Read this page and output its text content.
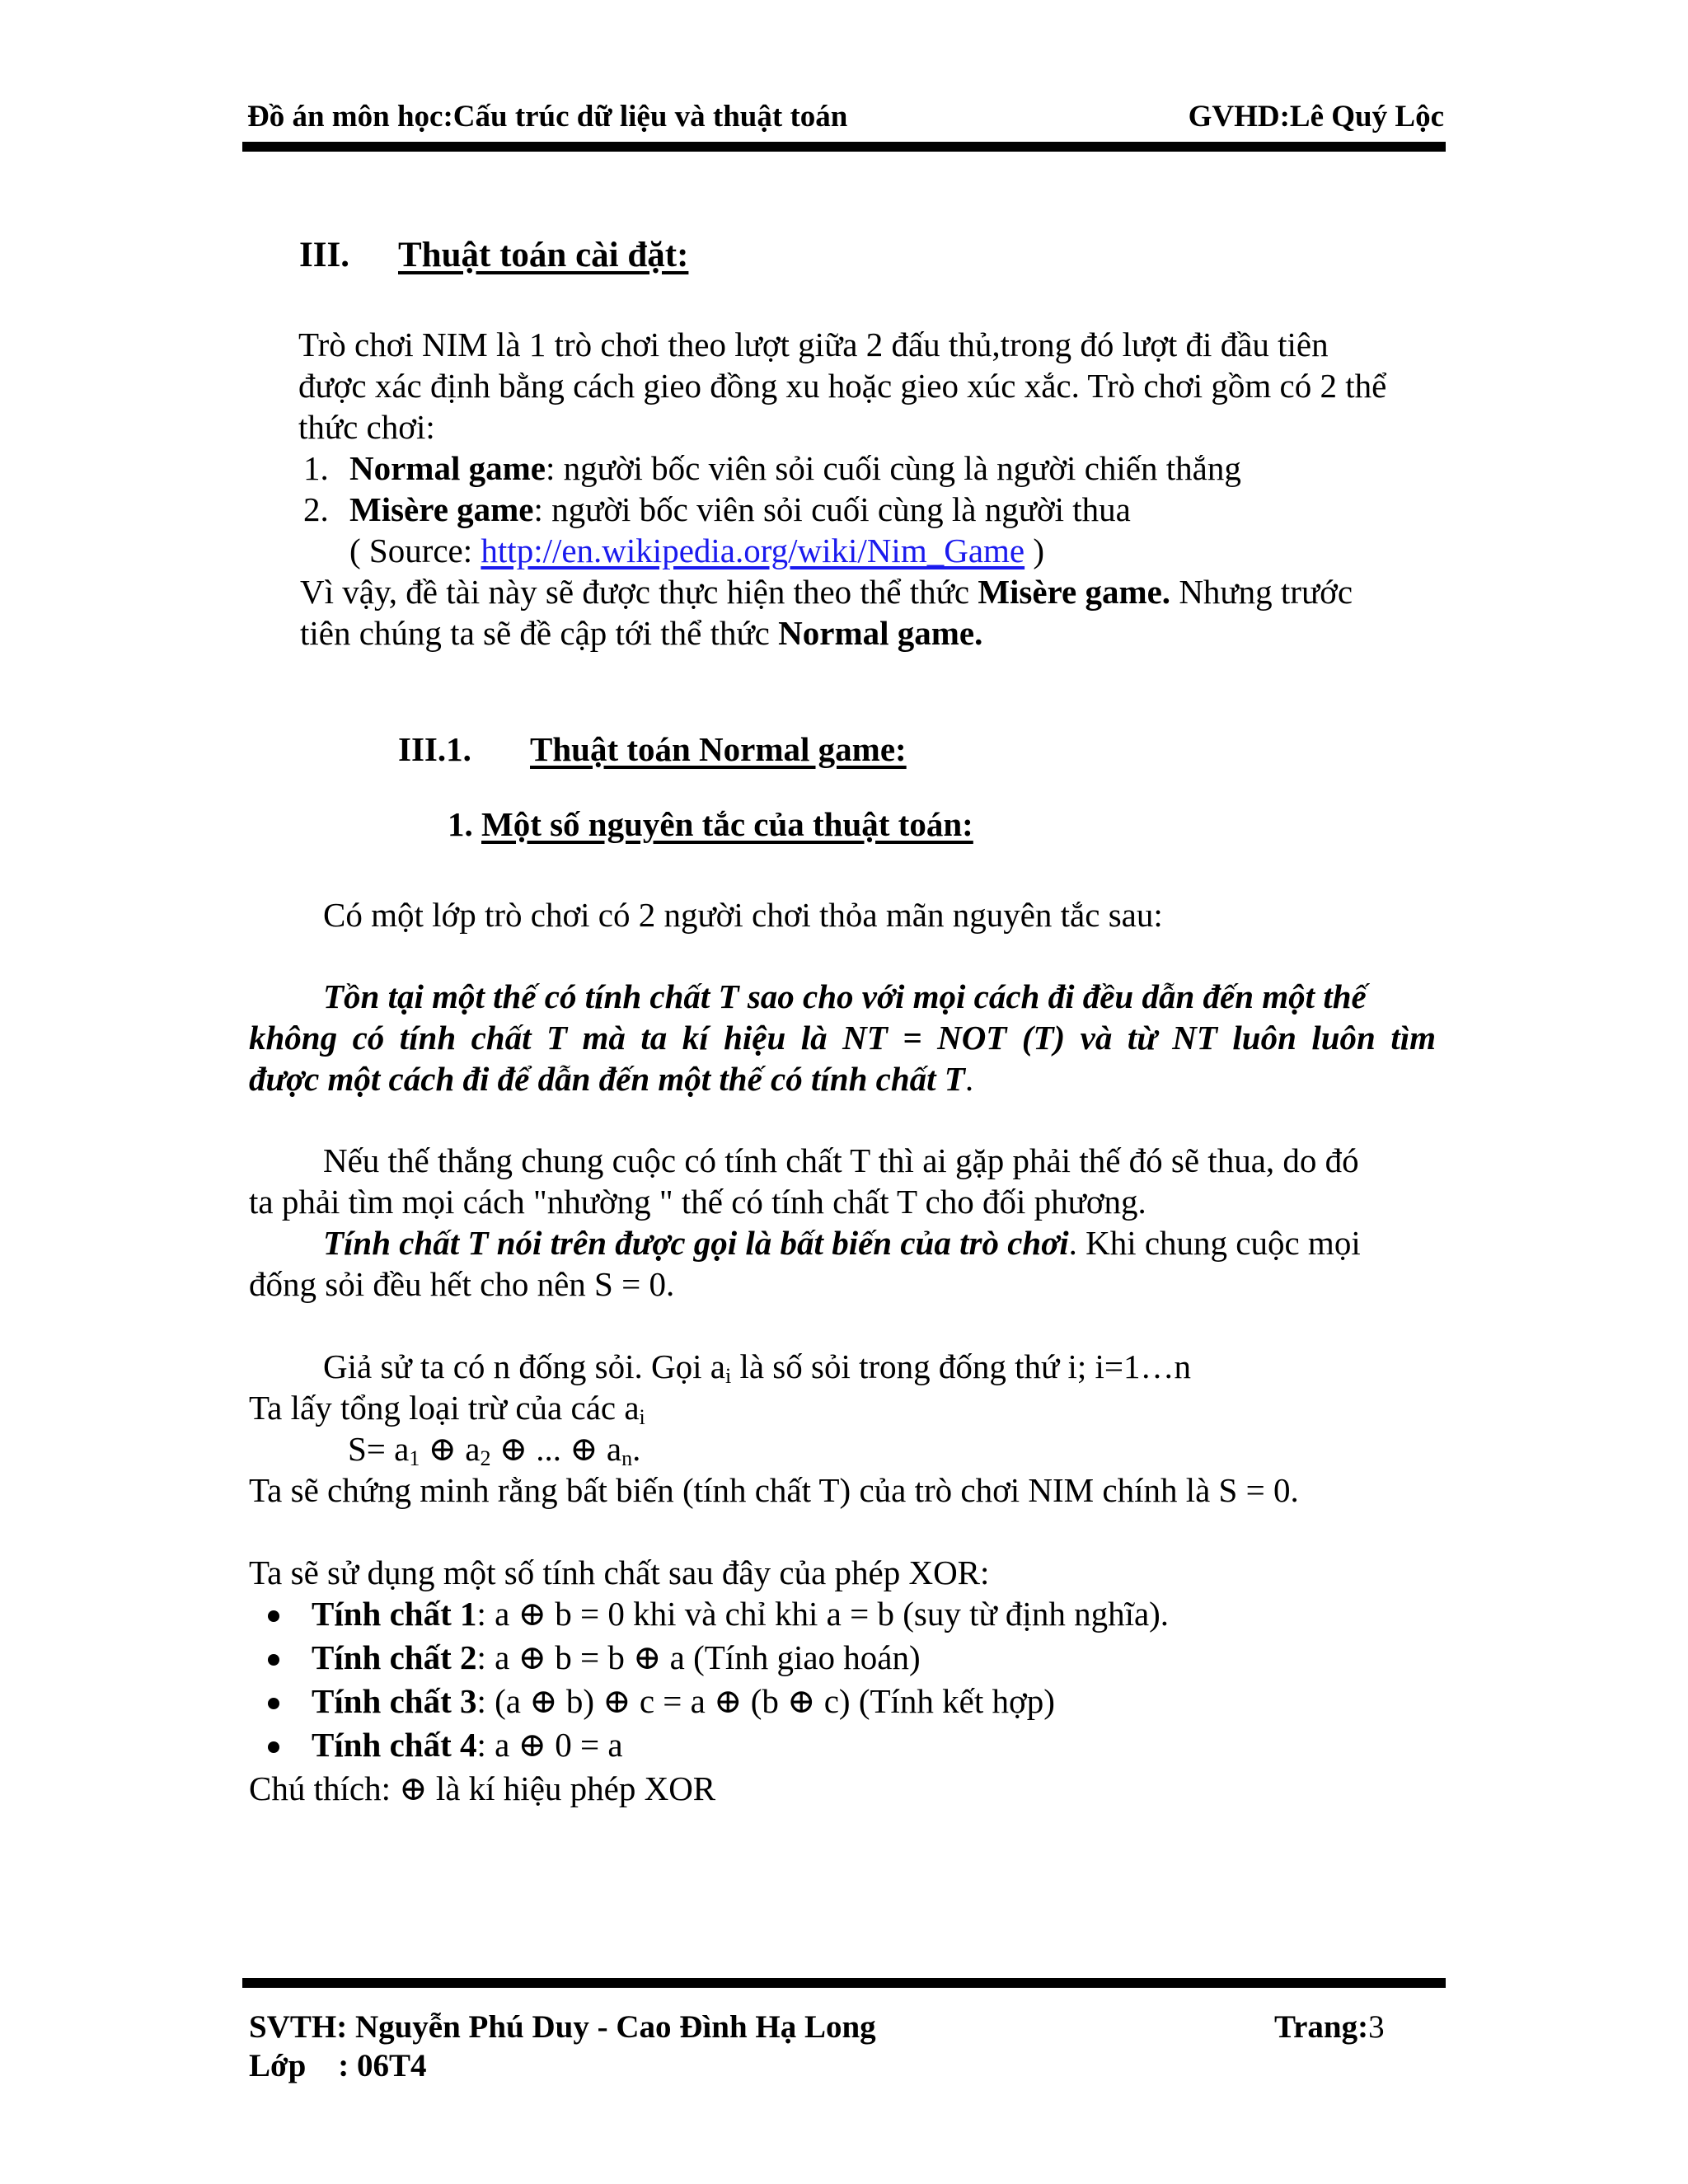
Đồ án môn học:Cấu trúc dữ liệu và thuật toán	GVHD:Lê Quý Lộc
III. Thuật toán cài đặt:
Trò chơi NIM là 1 trò chơi theo lượt giữa 2 đấu thủ,trong đó lượt đi đầu tiên
được xác định bằng cách gieo đồng xu hoặc gieo xúc xắc. Trò chơi gồm có 2 thể
thức chơi:
1. Normal game: người bốc viên sỏi cuối cùng là người chiến thắng
2. Misère game: người bốc viên sỏi cuối cùng là người thua
( Source: http://en.wikipedia.org/wiki/Nim_Game )
Vì vậy, đề tài này sẽ được thực hiện theo thể thức Misère game. Nhưng trước
tiên chúng ta sẽ đề cập tới thể thức Normal game.
III.1. Thuật toán Normal game:
1. Một số nguyên tắc của thuật toán:
Có một lớp trò chơi có 2 người chơi thỏa mãn nguyên tắc sau:
Tồn tại một thế có tính chất T sao cho với mọi cách đi đều dẫn đến một thế
không có tính chất T mà ta kí hiệu là NT = NOT (T) và từ NT luôn luôn tìm
được một cách đi để dẫn đến một thế có tính chất T.
Nếu thế thắng chung cuộc có tính chất T thì ai gặp phải thế đó sẽ thua, do đó
ta phải tìm mọi cách "nhường " thế có tính chất T cho đối phương.
Tính chất T nói trên được gọi là bất biến của trò chơi. Khi chung cuộc mọi
đống sỏi đều hết cho nên S = 0.
Giả sử ta có n đống sỏi. Gọi $a_i$ là số sỏi trong đống thứ i; i=1…n
Ta lấy tổng loại trừ của các $a_i$
$S= a_1$ ⊕ $a_2$ ⊕ ... ⊕ $a_n$.
Ta sẽ chứng minh rằng bất biến (tính chất T) của trò chơi NIM chính là S = 0.
Ta sẽ sử dụng một số tính chất sau đây của phép XOR:
Tính chất 1: a ⊕ b = 0 khi và chỉ khi a = b (suy từ định nghĩa).
Tính chất 2: a ⊕ b = b ⊕ a (Tính giao hoán)
Tính chất 3: (a ⊕ b) ⊕ c = a ⊕ (b ⊕ c) (Tính kết hợp)
Tính chất 4: a ⊕ 0 = a
Chú thích: ⊕ là kí hiệu phép XOR
SVTH: Nguyễn Phú Duy - Cao Đình Hạ Long	Trang:3
Lớp    : 06T4
